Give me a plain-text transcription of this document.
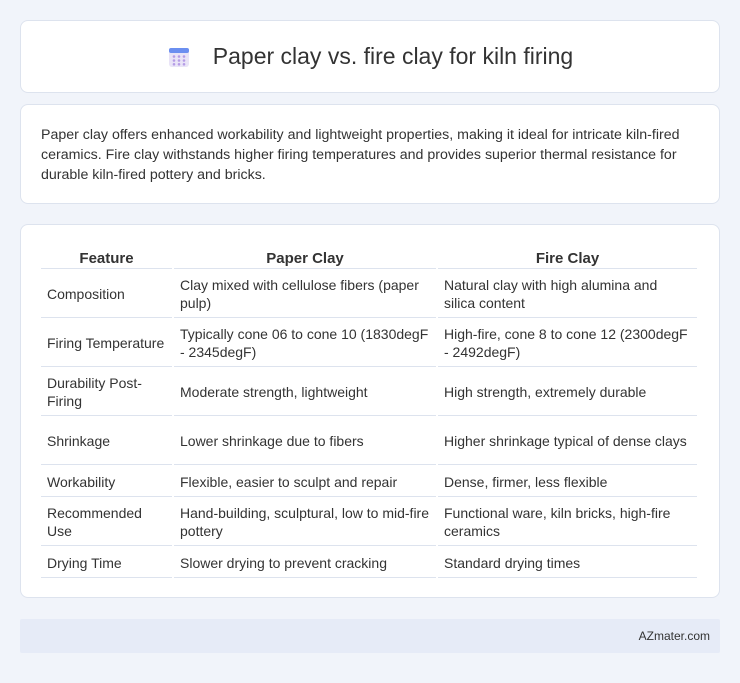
Paper clay vs. fire clay for kiln firing

Paper clay offers enhanced workability and lightweight properties, making it ideal for intricate kiln-fired ceramics. Fire clay withstands higher firing temperatures and provides superior thermal resistance for durable kiln-fired pottery and bricks.

Feature	Paper Clay	Fire Clay
Composition	Clay mixed with cellulose fibers (paper pulp)	Natural clay with high alumina and silica content
Firing Temperature	Typically cone 06 to cone 10 (1830degF - 2345degF)	High-fire, cone 8 to cone 12 (2300degF - 2492degF)
Durability Post-Firing	Moderate strength, lightweight	High strength, extremely durable
Shrinkage	Lower shrinkage due to fibers	Higher shrinkage typical of dense clays
Workability	Flexible, easier to sculpt and repair	Dense, firmer, less flexible
Recommended Use	Hand-building, sculptural, low to mid-fire pottery	Functional ware, kiln bricks, high-fire ceramics
Drying Time	Slower drying to prevent cracking	Standard drying times
AZmater.com
